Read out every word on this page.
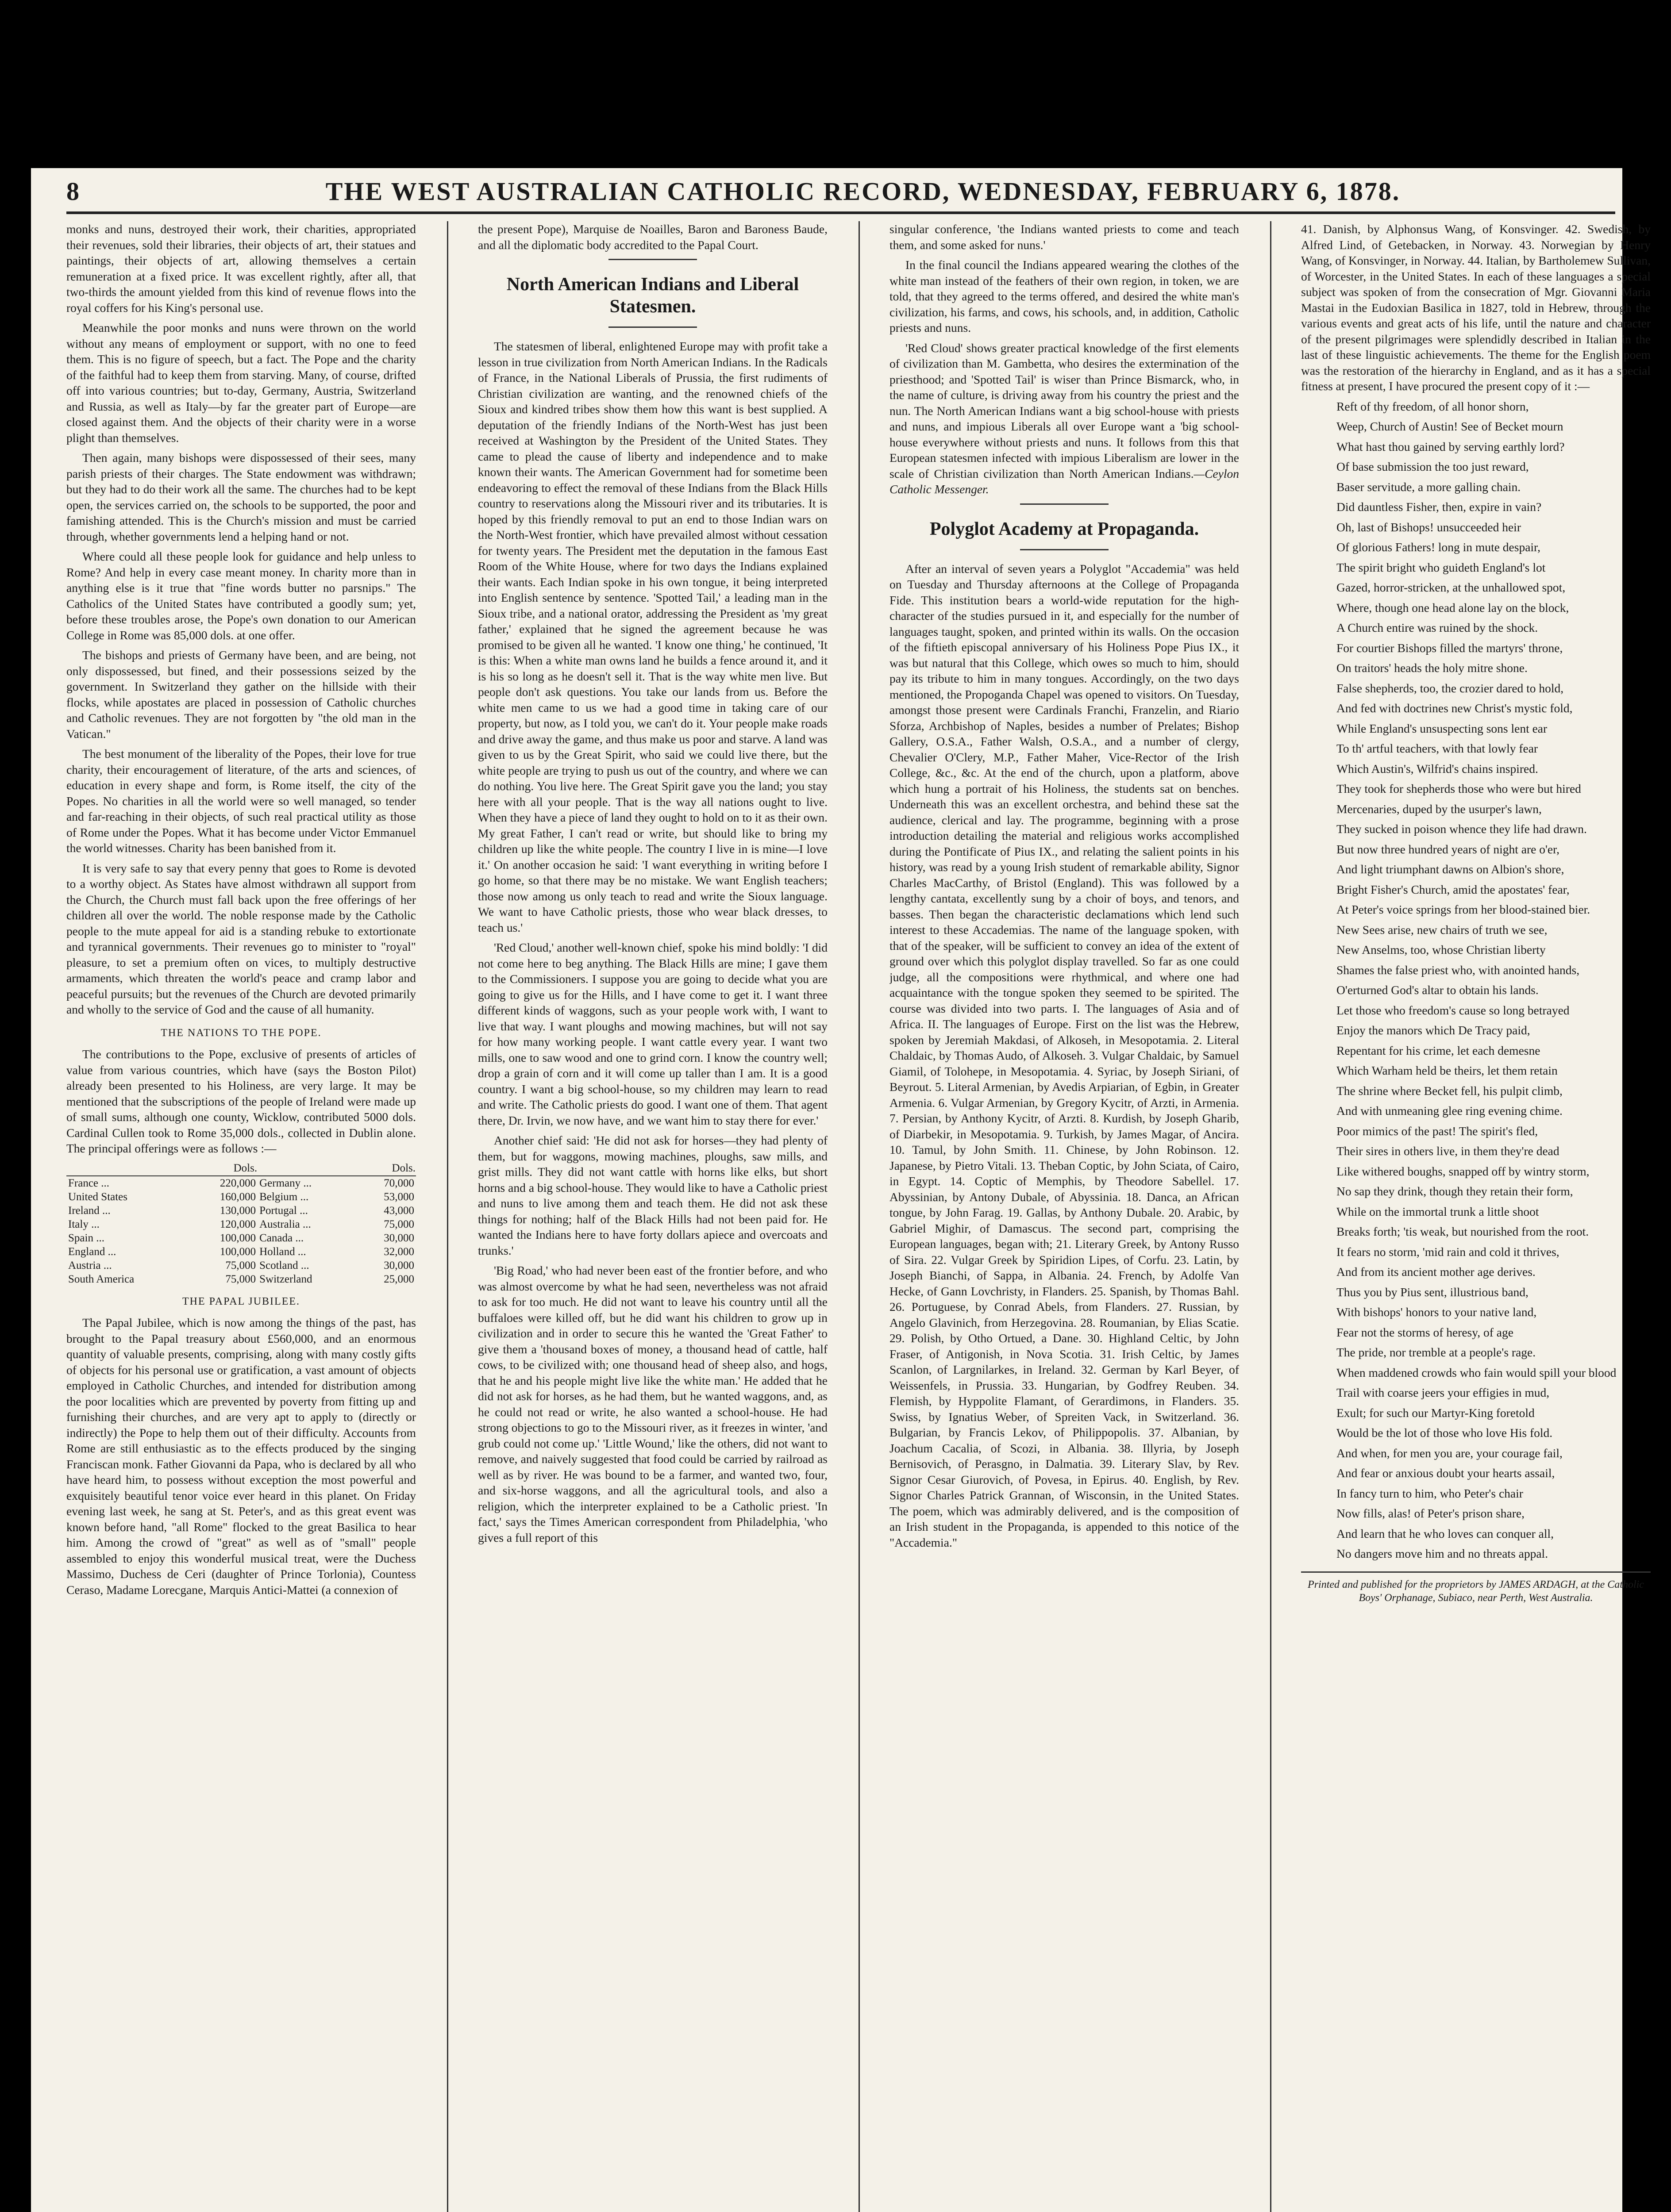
8	THE WEST AUSTRALIAN CATHOLIC RECORD, WEDNESDAY, FEBRUARY 6, 1878.

monks and nuns, destroyed their work, their charities, appropriated their revenues, sold their libraries, their objects of art, their statues and paintings, their objects of art, allowing themselves a certain remuneration at a fixed price. It was excellent rightly, after all, that two-thirds the amount yielded from this kind of revenue flows into the royal coffers for his King's personal use.

Meanwhile the poor monks and nuns were thrown on the world without any means of employment or support, with no one to feed them. This is no figure of speech, but a fact. The Pope and the charity of the faithful had to keep them from starving. Many, of course, drifted off into various countries; but to-day, Germany, Austria, Switzerland and Russia, as well as Italy—by far the greater part of Europe—are closed against them. And the objects of their charity were in a worse plight than themselves.

Then again, many bishops were dispossessed of their sees, many parish priests of their charges. The State endowment was withdrawn; but they had to do their work all the same. The churches had to be kept open, the services carried on, the schools to be supported, the poor and famishing attended. This is the Church's mission and must be carried through, whether governments lend a helping hand or not.

Where could all these people look for guidance and help unless to Rome? And help in every case meant money. In charity more than in anything else is it true that "fine words butter no parsnips." The Catholics of the United States have contributed a goodly sum; yet, before these troubles arose, the Pope's own donation to our American College in Rome was 85,000 dols. at one offer.

The bishops and priests of Germany have been, and are being, not only dispossessed, but fined, and their possessions seized by the government. In Switzerland they gather on the hillside with their flocks, while apostates are placed in possession of Catholic churches and Catholic revenues. They are not forgotten by "the old man in the Vatican."

The best monument of the liberality of the Popes, their love for true charity, their encouragement of literature, of the arts and sciences, of education in every shape and form, is Rome itself, the city of the Popes. No charities in all the world were so well managed, so tender and far-reaching in their objects, of such real practical utility as those of Rome under the Popes. What it has become under Victor Emmanuel the world witnesses. Charity has been banished from it.

It is very safe to say that every penny that goes to Rome is devoted to a worthy object. As States have almost withdrawn all support from the Church, the Church must fall back upon the free offerings of her children all over the world. The noble response made by the Catholic people to the mute appeal for aid is a standing rebuke to extortionate and tyrannical governments. Their revenues go to minister to "royal" pleasure, to set a premium often on vices, to multiply destructive armaments, which threaten the world's peace and cramp labor and peaceful pursuits; but the revenues of the Church are devoted primarily and wholly to the service of God and the cause of all humanity.

THE NATIONS TO THE POPE.

The contributions to the Pope, exclusive of presents of articles of value from various countries, which have (says the Boston Pilot) already been presented to his Holiness, are very large. It may be mentioned that the subscriptions of the people of Ireland were made up of small sums, although one county, Wicklow, contributed 5000 dols. Cardinal Cullen took to Rome 35,000 dols., collected in Dublin alone. The principal offerings were as follows :—

	Dols.		Dols.
France ...	220,000	Germany ...	70,000
United States	160,000	Belgium ...	53,000
Ireland ...	130,000	Portugal ...	43,000
Italy ...	120,000	Australia ...	75,000
Spain ...	100,000	Canada ...	30,000
England ...	100,000	Holland ...	32,000
Austria ...	75,000	Scotland ...	30,000
South America	75,000	Switzerland	25,000
THE PAPAL JUBILEE.

The Papal Jubilee, which is now among the things of the past, has brought to the Papal treasury about £560,000, and an enormous quantity of valuable presents, comprising, along with many costly gifts of objects for his personal use or gratification, a vast amount of objects employed in Catholic Churches, and intended for distribution among the poor localities which are prevented by poverty from fitting up and furnishing their churches, and are very apt to apply to (directly or indirectly) the Pope to help them out of their difficulty. Accounts from Rome are still enthusiastic as to the effects produced by the singing Franciscan monk. Father Giovanni da Papa, who is declared by all who have heard him, to possess without exception the most powerful and exquisitely beautiful tenor voice ever heard in this planet. On Friday evening last week, he sang at St. Peter's, and as this great event was known before hand, "all Rome" flocked to the great Basilica to hear him. Among the crowd of "great" as well as of "small" people assembled to enjoy this wonderful musical treat, were the Duchess Massimo, Duchess de Ceri (daughter of Prince Torlonia), Countess Ceraso, Madame Lorecgane, Marquis Antici-Mattei (a connexion of

the present Pope), Marquise de Noailles, Baron and Baroness Baude, and all the diplomatic body accredited to the Papal Court.

North American Indians and Liberal Statesmen.

The statesmen of liberal, enlightened Europe may with profit take a lesson in true civilization from North American Indians. In the Radicals of France, in the National Liberals of Prussia, the first rudiments of Christian civilization are wanting, and the renowned chiefs of the Sioux and kindred tribes show them how this want is best supplied. A deputation of the friendly Indians of the North-West has just been received at Washington by the President of the United States. They came to plead the cause of liberty and independence and to make known their wants. The American Government had for sometime been endeavoring to effect the removal of these Indians from the Black Hills country to reservations along the Missouri river and its tributaries. It is hoped by this friendly removal to put an end to those Indian wars on the North-West frontier, which have prevailed almost without cessation for twenty years. The President met the deputation in the famous East Room of the White House, where for two days the Indians explained their wants. Each Indian spoke in his own tongue, it being interpreted into English sentence by sentence. 'Spotted Tail,' a leading man in the Sioux tribe, and a national orator, addressing the President as 'my great father,' explained that he signed the agreement because he was promised to be given all he wanted. 'I know one thing,' he continued, 'It is this: When a white man owns land he builds a fence around it, and it is his so long as he doesn't sell it. That is the way white men live. But people don't ask questions. You take our lands from us. Before the white men came to us we had a good time in taking care of our property, but now, as I told you, we can't do it. Your people make roads and drive away the game, and thus make us poor and starve. A land was given to us by the Great Spirit, who said we could live there, but the white people are trying to push us out of the country, and where we can do nothing. You live here. The Great Spirit gave you the land; you stay here with all your people. That is the way all nations ought to live. When they have a piece of land they ought to hold on to it as their own. My great Father, I can't read or write, but should like to bring my children up like the white people. The country I live in is mine—I love it.' On another occasion he said: 'I want everything in writing before I go home, so that there may be no mistake. We want English teachers; those now among us only teach to read and write the Sioux language. We want to have Catholic priests, those who wear black dresses, to teach us.'

'Red Cloud,' another well-known chief, spoke his mind boldly: 'I did not come here to beg anything. The Black Hills are mine; I gave them to the Commissioners. I suppose you are going to decide what you are going to give us for the Hills, and I have come to get it. I want three different kinds of waggons, such as your people work with, I want to live that way. I want ploughs and mowing machines, but will not say for how many working people. I want cattle every year. I want two mills, one to saw wood and one to grind corn. I know the country well; drop a grain of corn and it will come up taller than I am. It is a good country. I want a big school-house, so my children may learn to read and write. The Catholic priests do good. I want one of them. That agent there, Dr. Irvin, we now have, and we want him to stay there for ever.'

Another chief said: 'He did not ask for horses—they had plenty of them, but for waggons, mowing machines, ploughs, saw mills, and grist mills. They did not want cattle with horns like elks, but short horns and a big school-house. They would like to have a Catholic priest and nuns to live among them and teach them. He did not ask these things for nothing; half of the Black Hills had not been paid for. He wanted the Indians here to have forty dollars apiece and overcoats and trunks.'

'Big Road,' who had never been east of the frontier before, and who was almost overcome by what he had seen, nevertheless was not afraid to ask for too much. He did not want to leave his country until all the buffaloes were killed off, but he did want his children to grow up in civilization and in order to secure this he wanted the 'Great Father' to give them a 'thousand boxes of money, a thousand head of cattle, half cows, to be civilized with; one thousand head of sheep also, and hogs, that he and his people might live like the white man.' He added that he did not ask for horses, as he had them, but he wanted waggons, and, as he could not read or write, he also wanted a school-house. He had strong objections to go to the Missouri river, as it freezes in winter, 'and grub could not come up.' 'Little Wound,' like the others, did not want to remove, and naively suggested that food could be carried by railroad as well as by river. He was bound to be a farmer, and wanted two, four, and six-horse waggons, and all the agricultural tools, and also a religion, which the interpreter explained to be a Catholic priest. 'In fact,' says the Times American correspondent from Philadelphia, 'who gives a full report of this

singular conference, 'the Indians wanted priests to come and teach them, and some asked for nuns.'

In the final council the Indians appeared wearing the clothes of the white man instead of the feathers of their own region, in token, we are told, that they agreed to the terms offered, and desired the white man's civilization, his farms, and cows, his schools, and, in addition, Catholic priests and nuns.

'Red Cloud' shows greater practical knowledge of the first elements of civilization than M. Gambetta, who desires the extermination of the priesthood; and 'Spotted Tail' is wiser than Prince Bismarck, who, in the name of culture, is driving away from his country the priest and the nun. The North American Indians want a big school-house with priests and nuns, and impious Liberals all over Europe want a 'big school-house everywhere without priests and nuns. It follows from this that European statesmen infected with impious Liberalism are lower in the scale of Christian civilization than North American Indians.—Ceylon Catholic Messenger.

Polyglot Academy at Propaganda.

After an interval of seven years a Polyglot "Accademia" was held on Tuesday and Thursday afternoons at the College of Propaganda Fide. This institution bears a world-wide reputation for the high-character of the studies pursued in it, and especially for the number of languages taught, spoken, and printed within its walls. On the occasion of the fiftieth episcopal anniversary of his Holiness Pope Pius IX., it was but natural that this College, which owes so much to him, should pay its tribute to him in many tongues. Accordingly, on the two days mentioned, the Propoganda Chapel was opened to visitors. On Tuesday, amongst those present were Cardinals Franchi, Franzelin, and Riario Sforza, Archbishop of Naples, besides a number of Prelates; Bishop Gallery, O.S.A., Father Walsh, O.S.A., and a number of clergy, Chevalier O'Clery, M.P., Father Maher, Vice-Rector of the Irish College, &c., &c. At the end of the church, upon a platform, above which hung a portrait of his Holiness, the students sat on benches. Underneath this was an excellent orchestra, and behind these sat the audience, clerical and lay. The programme, beginning with a prose introduction detailing the material and religious works accomplished during the Pontificate of Pius IX., and relating the salient points in his history, was read by a young Irish student of remarkable ability, Signor Charles MacCarthy, of Bristol (England). This was followed by a lengthy cantata, excellently sung by a choir of boys, and tenors, and basses. Then began the characteristic declamations which lend such interest to these Accademias. The name of the language spoken, with that of the speaker, will be sufficient to convey an idea of the extent of ground over which this polyglot display travelled. So far as one could judge, all the compositions were rhythmical, and where one had acquaintance with the tongue spoken they seemed to be spirited. The course was divided into two parts. I. The languages of Asia and of Africa. II. The languages of Europe. First on the list was the Hebrew, spoken by Jeremiah Makdasi, of Alkoseh, in Mesopotamia. 2. Literal Chaldaic, by Thomas Audo, of Alkoseh. 3. Vulgar Chaldaic, by Samuel Giamil, of Tolohepe, in Mesopotamia. 4. Syriac, by Joseph Siriani, of Beyrout. 5. Literal Armenian, by Avedis Arpiarian, of Egbin, in Greater Armenia. 6. Vulgar Armenian, by Gregory Kycitr, of Arzti, in Armenia. 7. Persian, by Anthony Kycitr, of Arzti. 8. Kurdish, by Joseph Gharib, of Diarbekir, in Mesopotamia. 9. Turkish, by James Magar, of Ancira. 10. Tamul, by John Smith. 11. Chinese, by John Robinson. 12. Japanese, by Pietro Vitali. 13. Theban Coptic, by John Sciata, of Cairo, in Egypt. 14. Coptic of Memphis, by Theodore Sabellel. 17. Abyssinian, by Antony Dubale, of Abyssinia. 18. Danca, an African tongue, by John Farag. 19. Gallas, by Anthony Dubale. 20. Arabic, by Gabriel Mighir, of Damascus. The second part, comprising the European languages, began with; 21. Literary Greek, by Antony Russo of Sira. 22. Vulgar Greek by Spiridion Lipes, of Corfu. 23. Latin, by Joseph Bianchi, of Sappa, in Albania. 24. French, by Adolfe Van Hecke, of Gann Lovchristy, in Flanders. 25. Spanish, by Thomas Bahl. 26. Portuguese, by Conrad Abels, from Flanders. 27. Russian, by Angelo Glavinich, from Herzegovina. 28. Roumanian, by Elias Scatie. 29. Polish, by Otho Ortued, a Dane. 30. Highland Celtic, by John Fraser, of Antigonish, in Nova Scotia. 31. Irish Celtic, by James Scanlon, of Largnilarkes, in Ireland. 32. German by Karl Beyer, of Weissenfels, in Prussia. 33. Hungarian, by Godfrey Reuben. 34. Flemish, by Hyppolite Flamant, of Gerardimons, in Flanders. 35. Swiss, by Ignatius Weber, of Spreiten Vack, in Switzerland. 36. Bulgarian, by Francis Lekov, of Philippopolis. 37. Albanian, by Joachum Cacalia, of Scozi, in Albania. 38. Illyria, by Joseph Bernisovich, of Perasgno, in Dalmatia. 39. Literary Slav, by Rev. Signor Cesar Giurovich, of Povesa, in Epirus. 40. English, by Rev. Signor Charles Patrick Grannan, of Wisconsin, in the United States. The poem, which was admirably delivered, and is the composition of an Irish student in the Propaganda, is appended to this notice of the "Accademia."

41. Danish, by Alphonsus Wang, of Konsvinger. 42. Swedish, by Alfred Lind, of Getebacken, in Norway. 43. Norwegian by Henry Wang, of Konsvinger, in Norway. 44. Italian, by Bartholemew Sullivan, of Worcester, in the United States. In each of these languages a special subject was spoken of from the consecration of Mgr. Giovanni Maria Mastai in the Eudoxian Basilica in 1827, told in Hebrew, through the various events and great acts of his life, until the nature and character of the present pilgrimages were splendidly described in Italian in the last of these linguistic achievements. The theme for the English poem was the restoration of the hierarchy in England, and as it has a special fitness at present, I have procured the present copy of it :—

Reft of thy freedom, of all honor shorn,

Weep, Church of Austin! See of Becket mourn

What hast thou gained by serving earthly lord?

Of base submission the too just reward,

Baser servitude, a more galling chain.

Did dauntless Fisher, then, expire in vain?

Oh, last of Bishops! unsucceeded heir

Of glorious Fathers! long in mute despair,

The spirit bright who guideth England's lot

Gazed, horror-stricken, at the unhallowed spot,

Where, though one head alone lay on the block,

A Church entire was ruined by the shock.

For courtier Bishops filled the martyrs' throne,

On traitors' heads the holy mitre shone.

False shepherds, too, the crozier dared to hold,

And fed with doctrines new Christ's mystic fold,

While England's unsuspecting sons lent ear

To th' artful teachers, with that lowly fear

Which Austin's, Wilfrid's chains inspired.

They took for shepherds those who were but hired

Mercenaries, duped by the usurper's lawn,

They sucked in poison whence they life had drawn.

But now three hundred years of night are o'er,

And light triumphant dawns on Albion's shore,

Bright Fisher's Church, amid the apostates' fear,

At Peter's voice springs from her blood-stained bier.

New Sees arise, new chairs of truth we see,

New Anselms, too, whose Christian liberty

Shames the false priest who, with anointed hands,

O'erturned God's altar to obtain his lands.

Let those who freedom's cause so long betrayed

Enjoy the manors which De Tracy paid,

Repentant for his crime, let each demesne

Which Warham held be theirs, let them retain

The shrine where Becket fell, his pulpit climb,

And with unmeaning glee ring evening chime.

Poor mimics of the past! The spirit's fled,

Their sires in others live, in them they're dead

Like withered boughs, snapped off by wintry storm,

No sap they drink, though they retain their form,

While on the immortal trunk a little shoot

Breaks forth; 'tis weak, but nourished from the root.

It fears no storm, 'mid rain and cold it thrives,

And from its ancient mother age derives.

Thus you by Pius sent, illustrious band,

With bishops' honors to your native land,

Fear not the storms of heresy, of age

The pride, nor tremble at a people's rage.

When maddened crowds who fain would spill your blood

Trail with coarse jeers your effigies in mud,

Exult; for such our Martyr-King foretold

Would be the lot of those who love His fold.

And when, for men you are, your courage fail,

And fear or anxious doubt your hearts assail,

In fancy turn to him, who Peter's chair

Now fills, alas! of Peter's prison share,

And learn that he who loves can conquer all,

No dangers move him and no threats appal.

Printed and published for the proprietors by JAMES ARDAGH, at the Catholic Boys' Orphanage, Subiaco, near Perth, West Australia.
